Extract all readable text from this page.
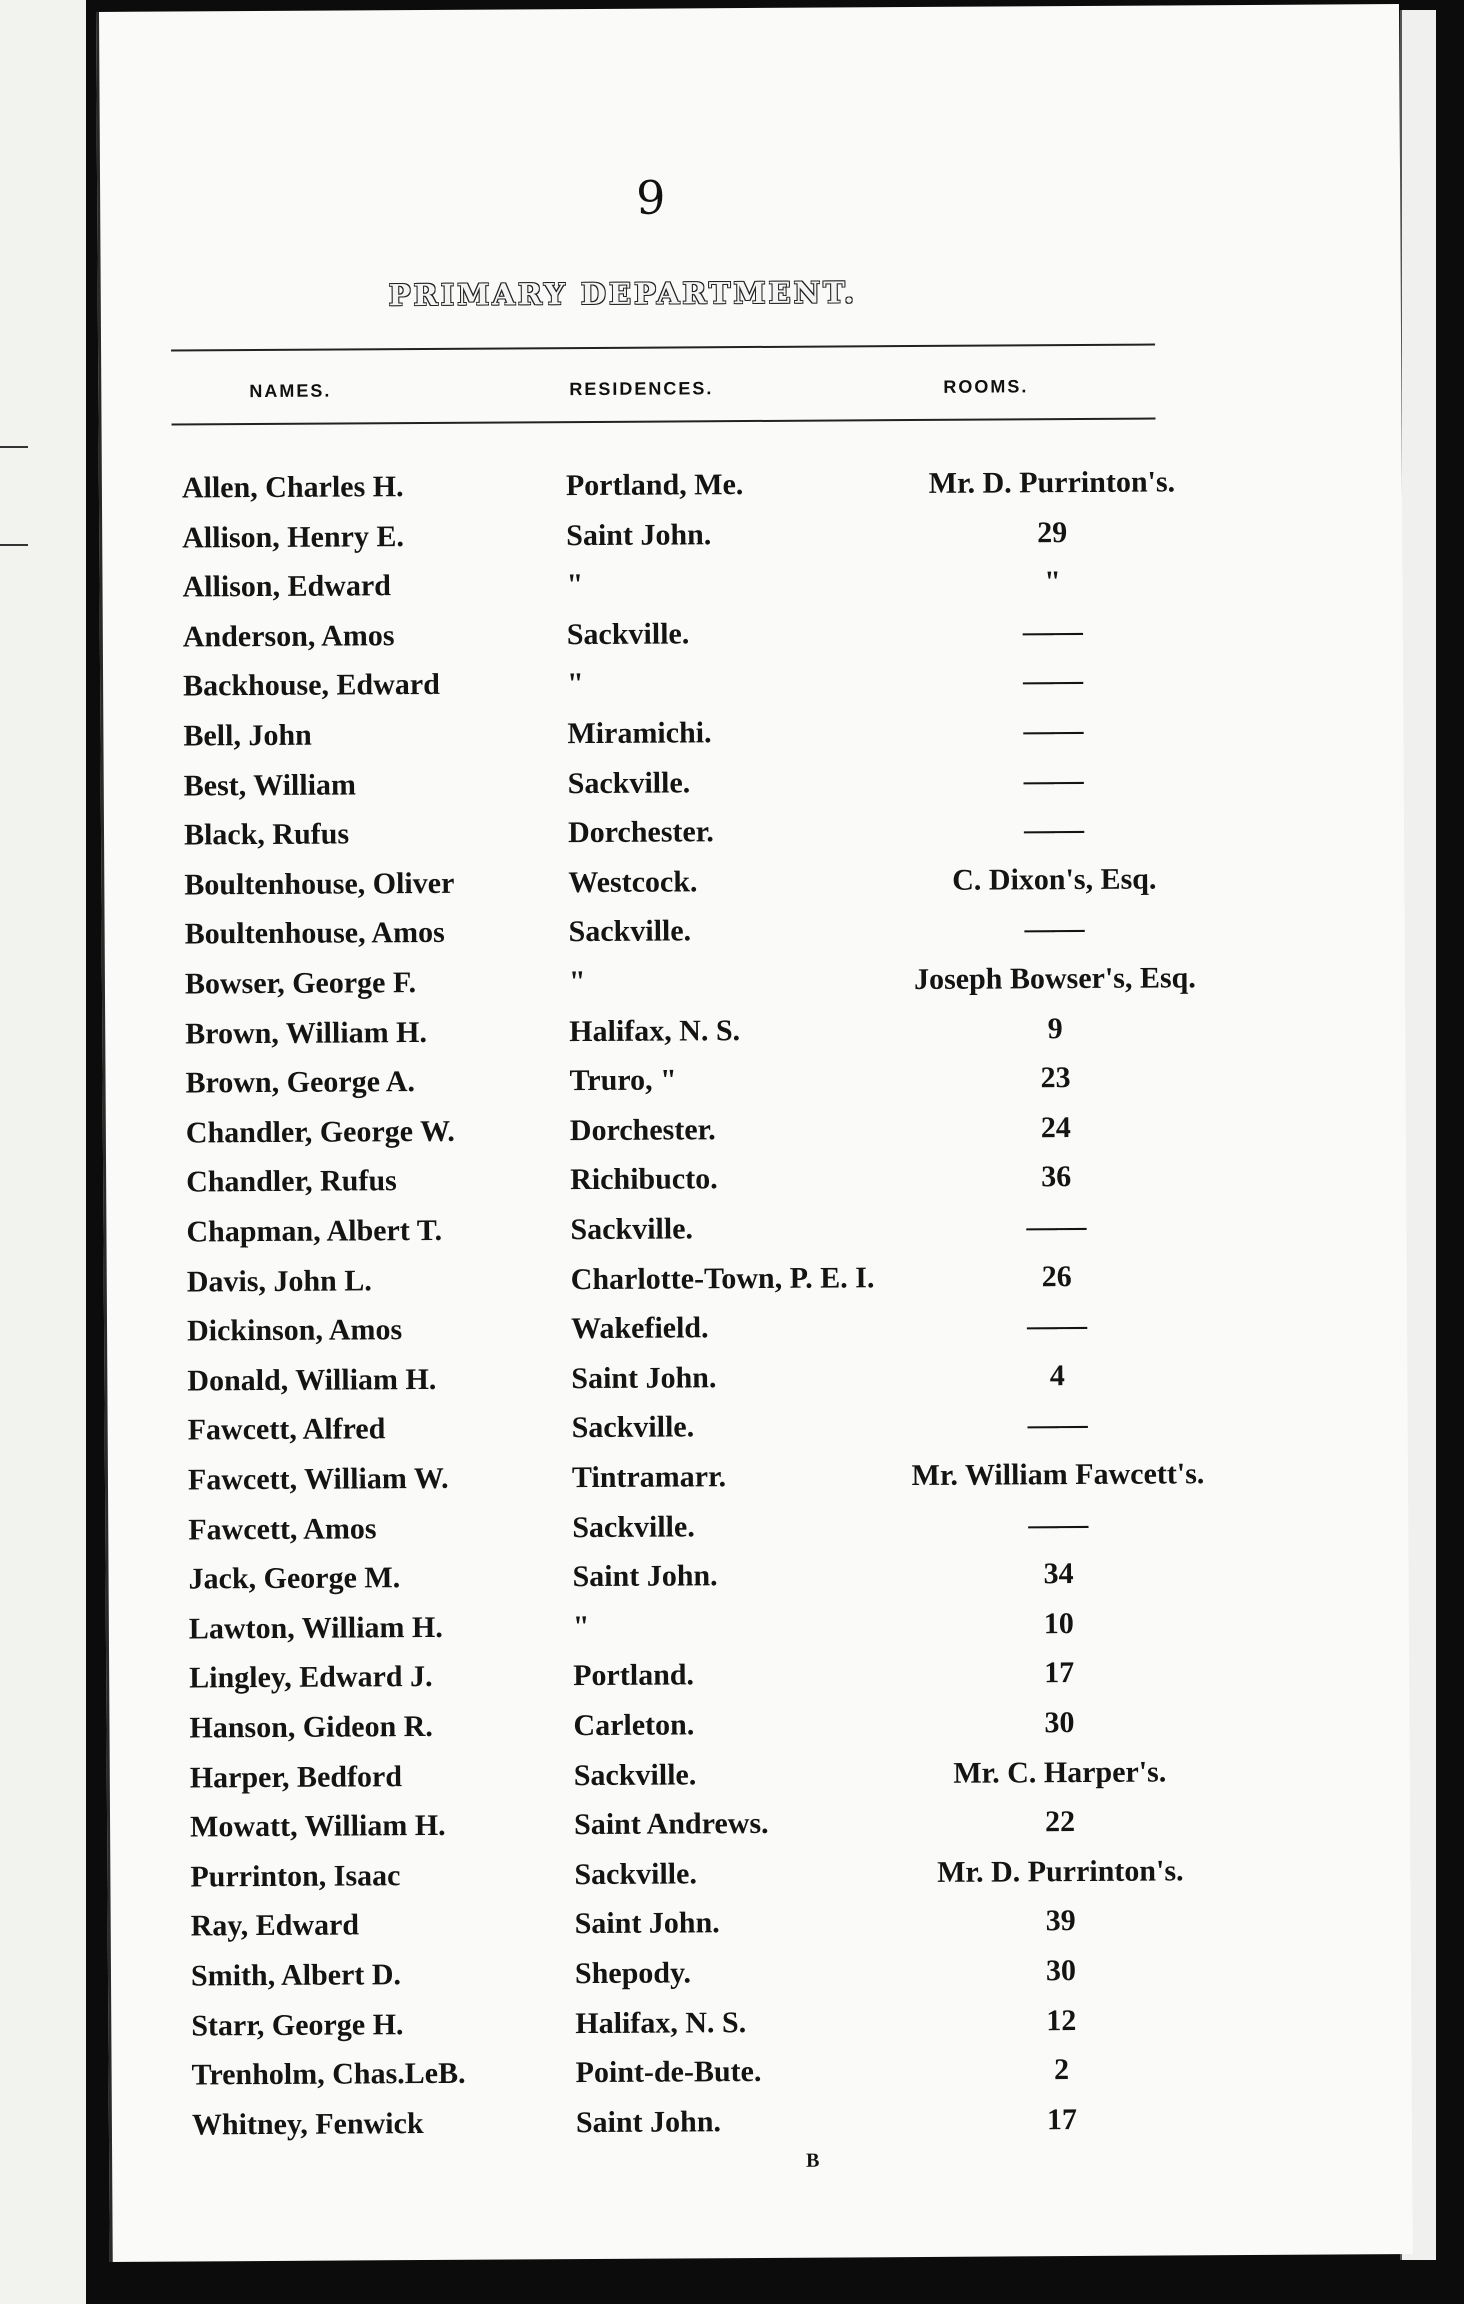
9
PRIMARY DEPARTMENT.
NAMES.	RESIDENCES.	ROOMS.
Allen, Charles H.	Portland, Me.	Mr. D. Purrinton's.
Allison, Henry E.	Saint John.	29
Allison, Edward	"	"
Anderson, Amos	Sackville.	——
Backhouse, Edward	"	——
Bell, John	Miramichi.	——
Best, William	Sackville.	——
Black, Rufus	Dorchester.	——
Boultenhouse, Oliver	Westcock.	C. Dixon's, Esq.
Boultenhouse, Amos	Sackville.	——
Bowser, George F.	"	Joseph Bowser's, Esq.
Brown, William H.	Halifax, N. S.	9
Brown, George A.	Truro, "	23
Chandler, George W.	Dorchester.	24
Chandler, Rufus	Richibucto.	36
Chapman, Albert T.	Sackville.	——
Davis, John L.	Charlotte-Town, P. E. I.	26
Dickinson, Amos	Wakefield.	——
Donald, William H.	Saint John.	4
Fawcett, Alfred	Sackville.	——
Fawcett, William W.	Tintramarr.	Mr. William Fawcett's.
Fawcett, Amos	Sackville.	——
Jack, George M.	Saint John.	34
Lawton, William H.	"	10
Lingley, Edward J.	Portland.	17
Hanson, Gideon R.	Carleton.	30
Harper, Bedford	Sackville.	Mr. C. Harper's.
Mowatt, William H.	Saint Andrews.	22
Purrinton, Isaac	Sackville.	Mr. D. Purrinton's.
Ray, Edward	Saint John.	39
Smith, Albert D.	Shepody.	30
Starr, George H.	Halifax, N. S.	12
Trenholm, Chas.LeB.	Point-de-Bute.	2
Whitney, Fenwick	Saint John.	17
B
